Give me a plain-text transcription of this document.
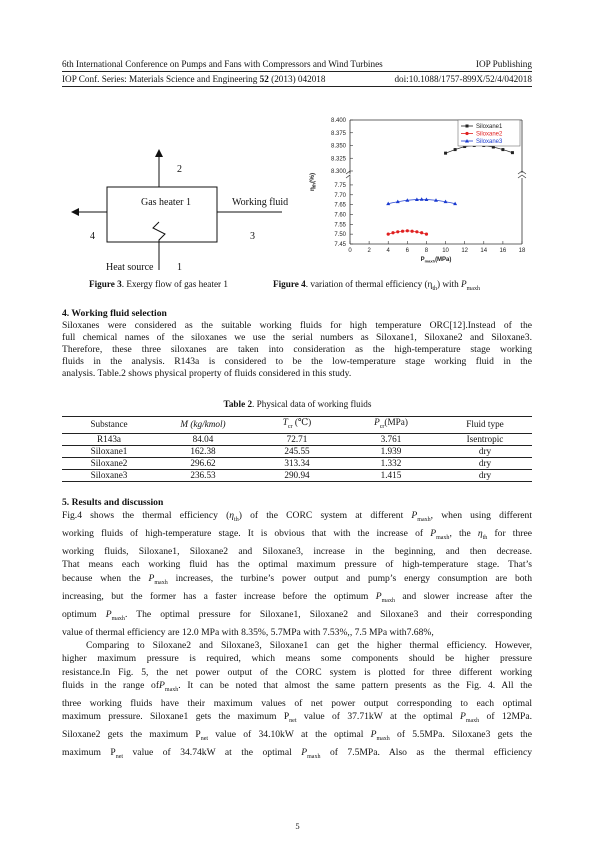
6th International Conference on Pumps and Fans with Compressors and Wind Turbines	IOP Publishing
IOP Conf. Series: Materials Science and Engineering 52 (2013) 042018	doi:10.1088/1757-899X/52/4/042018
2
Gas heater 1	Working fluid
4	3
Heat source 1
8.400
8.375
8.350
8.325
8.300
7.75
7.70
7.65
7.60
7.55
7.50
7.45
0	2	4	6	8 10 12 14 16 18
$P_{maxh}(MPa)$
$\eta_{th}(\%)$
Siloxane1
Siloxane2
Siloxane3
Figure 3. Exergy flow of gas heater 1	Figure 4. variation of thermal efficiency $(\eta_{th})$ with $P_{maxh}$
4. Working fluid selection
Siloxanes were considered as the suitable working fluids for high temperature ORC[12].Instead of the
full chemical names of the siloxanes we use the serial numbers as Siloxane1, Siloxane2 and Siloxane3.
Therefore, these three siloxanes are taken into consideration as the high-temperature stage working
fluids in the analysis. R143a is considered to be the low-temperature stage working fluid in the
analysis. Table.2 shows physical property of fluids considered in this study.
Table 2. Physical data of working fluids
Substance	M (kg/kmol)	$T_{cr}$ (℃)	$P_{cr}(MPa)$	Fluid type
R143a	84.04	72.71	3.761	Isentropic
Siloxane1	162.38	245.55	1.939	dry
Siloxane2	296.62	313.34	1.332	dry
Siloxane3	236.53	290.94	1.415	dry
5. Results and discussion
Fig.4 shows the thermal efficiency $(\eta_{th})$ of the CORC system at different $P_{maxh}$, when using different
working fluids of high-temperature stage. It is obvious that with the increase of $P_{maxh}$, the $\eta_{th}$ for three
working fluids, Siloxane1, Siloxane2 and Siloxane3, increase in the beginning, and then decrease.
That means each working fluid has the optimal maximum pressure of high-temperature stage. That’s
because when the $P_{maxh}$ increases, the turbine’s power output and pump’s energy consumption are both
increasing, but the former has a faster increase before the optimum $P_{maxh}$ and slower increase after the
optimum $P_{maxh}$. The optimal pressure for Siloxane1, Siloxane2 and Siloxane3 and their corresponding
value of thermal efficiency are 12.0 MPa with 8.35%, 5.7MPa with 7.53%,, 7.5 MPa with7.68%,
Comparing to Siloxane2 and Siloxane3, Siloxane1 can get the higher thermal efficiency. However,
higher maximum pressure is required, which means some components should be higher pressure
resistance.In Fig. 5, the net power output of the CORC system is plotted for three different working
fluids in the range ofP$_{maxh}$. It can be noted that almost the same pattern presents as the Fig. 4. All the
three working fluids have their maximum values of net power output corresponding to each optimal
maximum pressure. Siloxane1 gets the maximum $P_{net}$ value of 37.71kW at the optimal $P_{maxh}$ of 12MPa.
Siloxane2 gets the maximum $P_{net}$ value of 34.10kW at the optimal $P_{maxh}$ of 5.5MPa. Siloxane3 gets the
maximum $P_{net}$ value of 34.74kW at the optimal $P_{maxh}$ of 7.5MPa. Also as the thermal efficiency
5
